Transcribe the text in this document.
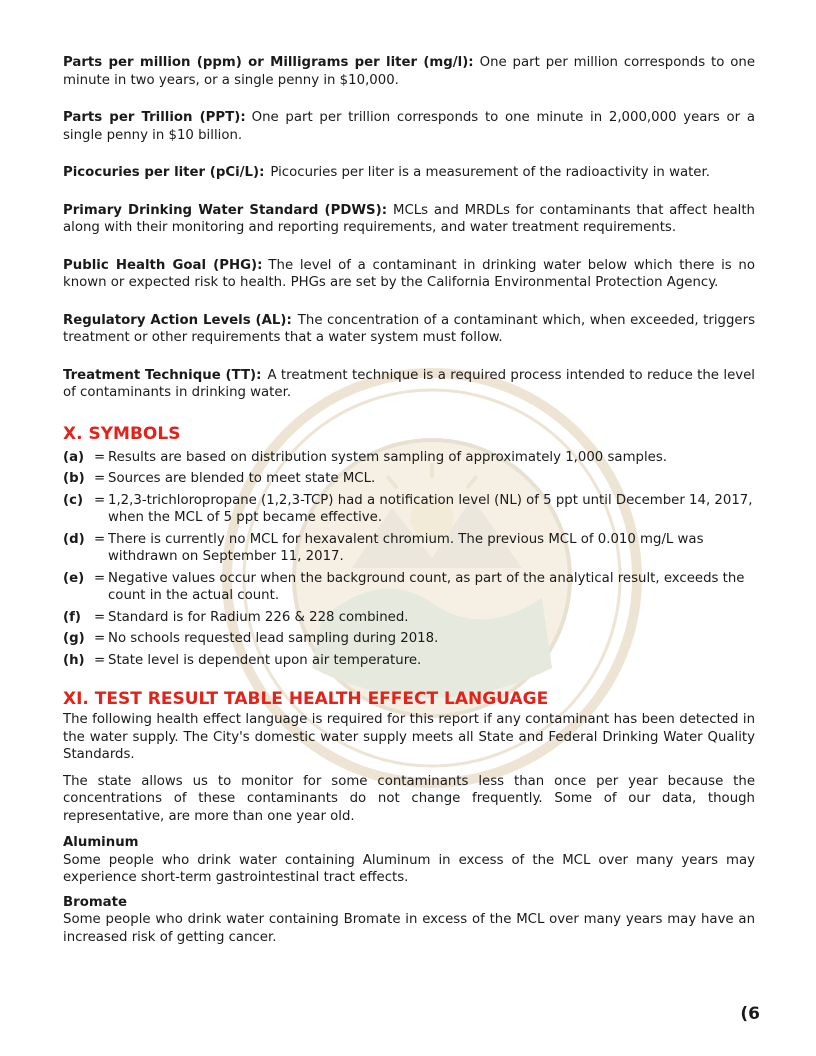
Parts per million (ppm) or Milligrams per liter (mg/l): One part per million corresponds to one minute in two years, or a single penny in $10,000.

Parts per Trillion (PPT): One part per trillion corresponds to one minute in 2,000,000 years or a single penny in $10 billion.

Picocuries per liter (pCi/L): Picocuries per liter is a measurement of the radioactivity in water.

Primary Drinking Water Standard (PDWS): MCLs and MRDLs for contaminants that affect health along with their monitoring and reporting requirements, and water treatment requirements.

Public Health Goal (PHG): The level of a contaminant in drinking water below which there is no known or expected risk to health. PHGs are set by the California Environmental Protection Agency.

Regulatory Action Levels (AL): The concentration of a contaminant which, when exceeded, triggers treatment or other requirements that a water system must follow.

Treatment Technique (TT): A treatment technique is a required process intended to reduce the level of contaminants in drinking water.

X. SYMBOLS
(a) = Results are based on distribution system sampling of approximately 1,000 samples.
(b) = Sources are blended to meet state MCL.
(c) = 1,2,3-trichloropropane (1,2,3-TCP) had a notification level (NL) of 5 ppt until December 14, 2017, when the MCL of 5 ppt became effective.
(d) = There is currently no MCL for hexavalent chromium. The previous MCL of 0.010 mg/L was withdrawn on September 11, 2017.
(e) = Negative values occur when the background count, as part of the analytical result, exceeds the count in the actual count.
(f) = Standard is for Radium 226 & 228 combined.
(g) = No schools requested lead sampling during 2018.
(h) = State level is dependent upon air temperature.
XI. TEST RESULT TABLE HEALTH EFFECT LANGUAGE

The following health effect language is required for this report if any contaminant has been detected in the water supply. The City's domestic water supply meets all State and Federal Drinking Water Quality Standards.

The state allows us to monitor for some contaminants less than once per year because the concentrations of these contaminants do not change frequently. Some of our data, though representative, are more than one year old.

Aluminum

Some people who drink water containing Aluminum in excess of the MCL over many years may experience short-term gastrointestinal tract effects.

Bromate

Some people who drink water containing Bromate in excess of the MCL over many years may have an increased risk of getting cancer.

(6
